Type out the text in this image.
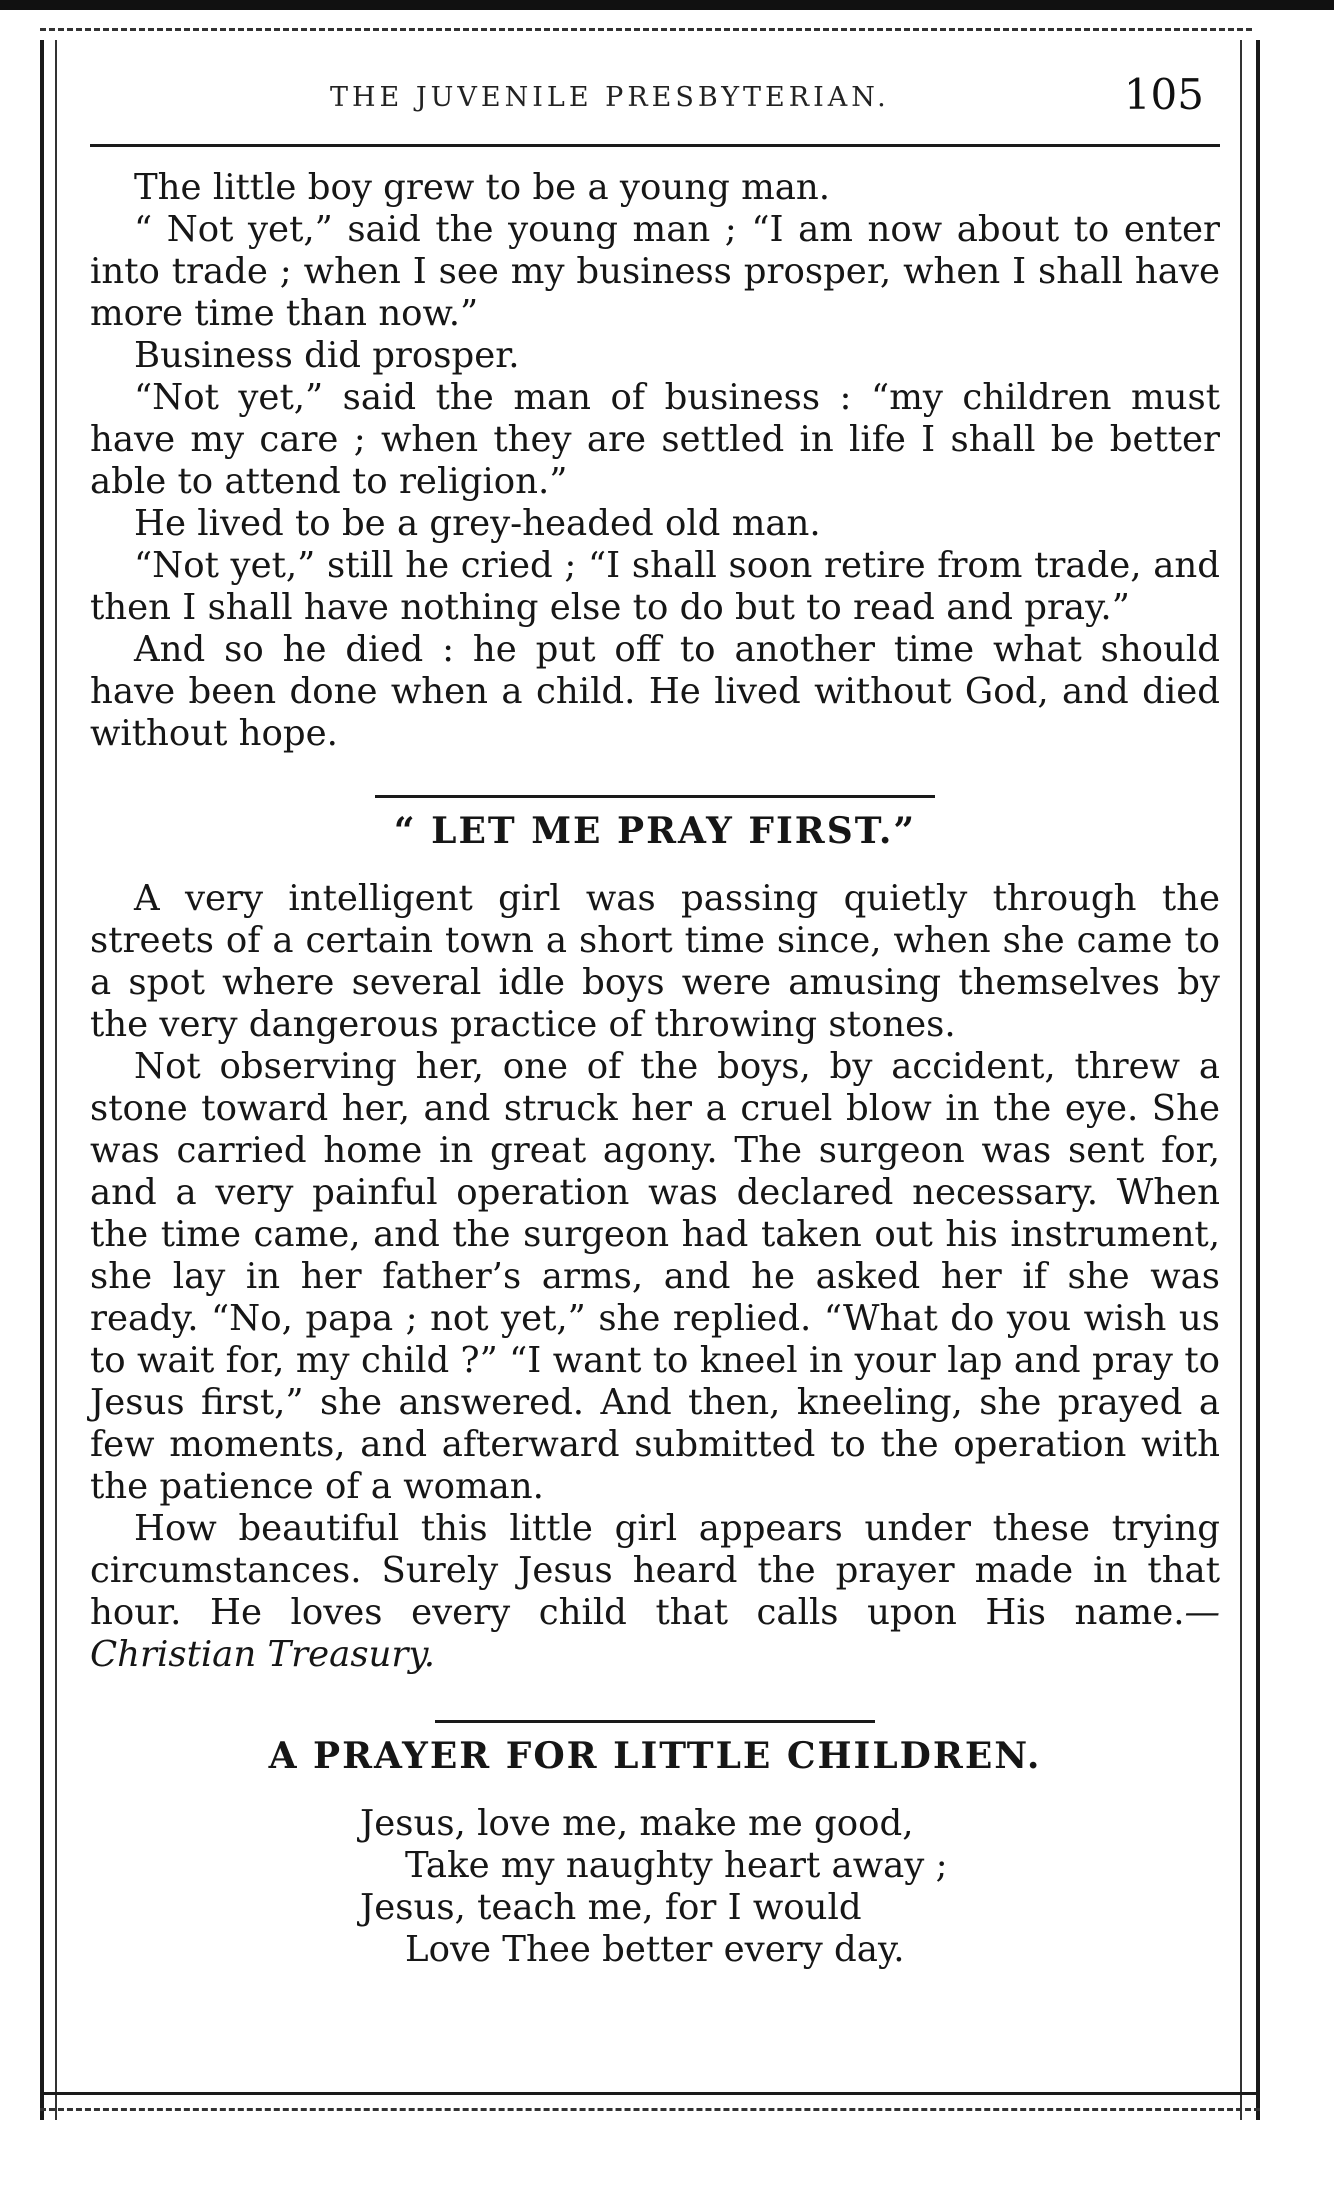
THE JUVENILE PRESBYTERIAN.	105

The little boy grew to be a young man.

“ Not yet,” said the young man ; “I am now about to enter into trade ; when I see my business prosper, when I shall have more time than now.”

Business did prosper.

“Not yet,” said the man of business : “my children must have my care ; when they are settled in life I shall be better able to attend to religion.”

He lived to be a grey-headed old man.

“Not yet,” still he cried ; “I shall soon retire from trade, and then I shall have nothing else to do but to read and pray.”

And so he died : he put off to another time what should have been done when a child. He lived without God, and died without hope.

“ LET ME PRAY FIRST.”

A very intelligent girl was passing quietly through the streets of a certain town a short time since, when she came to a spot where several idle boys were amusing themselves by the very dangerous practice of throwing stones.

Not observing her, one of the boys, by accident, threw a stone toward her, and struck her a cruel blow in the eye. She was carried home in great agony. The surgeon was sent for, and a very painful operation was declared necessary. When the time came, and the surgeon had taken out his instrument, she lay in her father’s arms, and he asked her if she was ready. “No, papa ; not yet,” she replied. “What do you wish us to wait for, my child ?” “I want to kneel in your lap and pray to Jesus first,” she answered. And then, kneeling, she prayed a few moments, and afterward submitted to the operation with the patience of a woman.

How beautiful this little girl appears under these trying circumstances. Surely Jesus heard the prayer made in that hour. He loves every child that calls upon His name.—Christian Treasury.

A PRAYER FOR LITTLE CHILDREN.
Jesus, love me, make me good,
Take my naughty heart away ;
Jesus, teach me, for I would
Love Thee better every day.
